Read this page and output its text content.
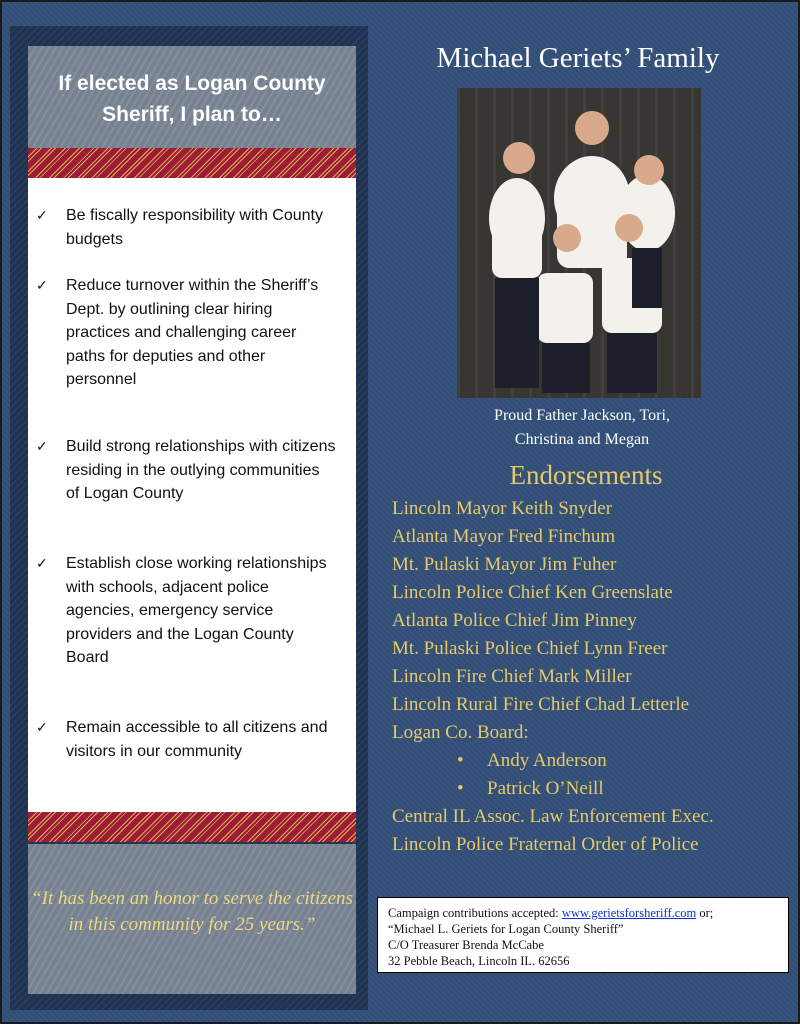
If elected as Logan County Sheriff, I plan to…
✓ Be fiscally responsibility with County budgets
✓ Reduce turnover within the Sheriff’s Dept. by outlining clear hiring practices and challenging career paths for deputies and other personnel
✓ Build strong relationships with citizens residing in the outlying communities of Logan County
✓ Establish close working relationships with schools, adjacent police agencies, emergency service providers and the Logan County Board
✓ Remain accessible to all citizens and visitors in our community
“It has been an honor to serve the citizens in this community for 25 years.”
Michael Geriets’ Family
Proud Father Jackson, Tori,
Christina and Megan
Endorsements
Lincoln Mayor Keith Snyder
Atlanta Mayor Fred Finchum
Mt. Pulaski Mayor Jim Fuher
Lincoln Police Chief Ken Greenslate
Atlanta Police Chief Jim Pinney
Mt. Pulaski Police Chief Lynn Freer
Lincoln Fire Chief Mark Miller
Lincoln Rural Fire Chief Chad Letterle
Logan Co. Board:
• Andy Anderson
• Patrick O’Neill
Central IL Assoc. Law Enforcement Exec.
Lincoln Police Fraternal Order of Police
Campaign contributions accepted: www.gerietsforsheriff.com or;
“Michael L. Geriets for Logan County Sheriff”
C/O Treasurer Brenda McCabe
32 Pebble Beach, Lincoln IL. 62656
